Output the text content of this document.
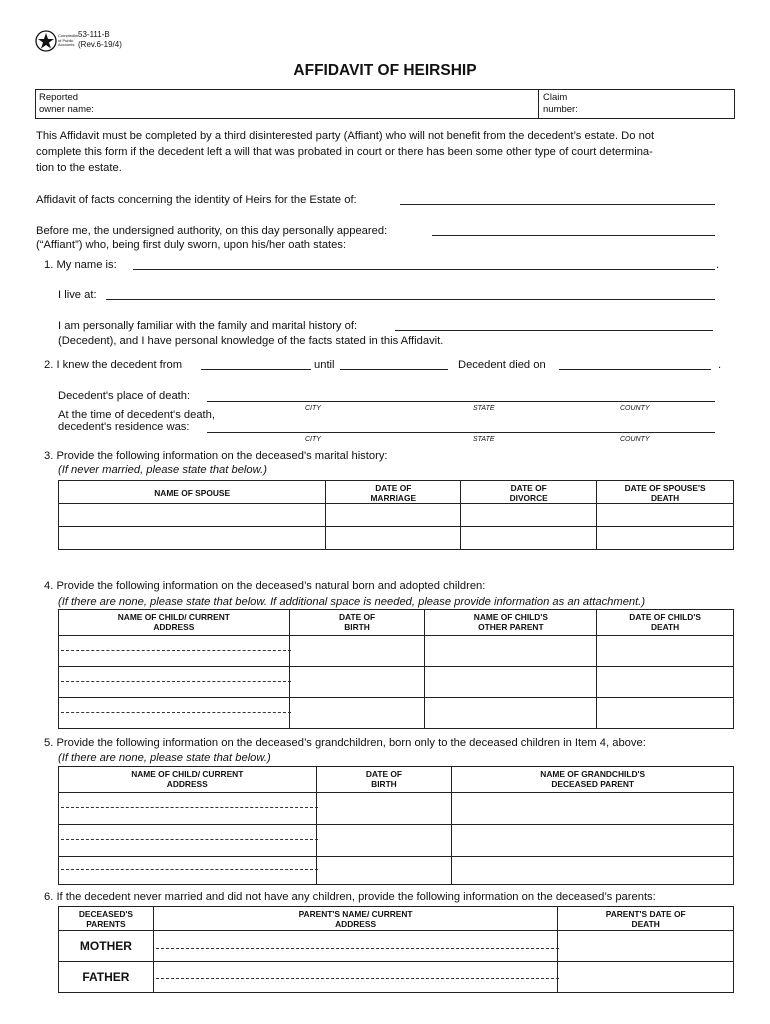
Comptroller of Public Accounts
53-111-B
(Rev.6-19/4)
AFFIDAVIT OF HEIRSHIP
Reported
owner name:
Claim
number:
This Affidavit must be completed by a third disinterested party (Affiant) who will not benefit from the decedent’s estate. Do not
complete this form if the decedent left a will that was probated in court or there has been some other type of court determina-
tion to the estate.
Affidavit of facts concerning the identity of Heirs for the Estate of:
Before me, the undersigned authority, on this day personally appeared:
(“Affiant”) who, being first duly sworn, upon his/her oath states:
1. My name is:	.
I live at:
I am personally familiar with the family and marital history of:
(Decedent), and I have personal knowledge of the facts stated in this Affidavit.
2. I knew the decedent from	until	Decedent died on	.
Decedent's place of death:
CITY	STATE	COUNTY
At the time of decedent's death,
decedent's residence was:
CITY	STATE	COUNTY
3. Provide the following information on the deceased's marital history:
(If never married, please state that below.)
NAME OF SPOUSE	DATE OF MARRIAGE	DATE OF DIVORCE	DATE OF SPOUSE'S DEATH

4. Provide the following information on the deceased’s natural born and adopted children:
(If there are none, please state that below. If additional space is needed, please provide information as an attachment.)
NAME OF CHILD/ CURRENT ADDRESS	DATE OF BIRTH	NAME OF CHILD'S OTHER PARENT	DATE OF CHILD'S DEATH

5. Provide the following information on the deceased’s grandchildren, born only to the deceased children in Item 4, above:
(If there are none, please state that below.)
NAME OF CHILD/ CURRENT ADDRESS	DATE OF BIRTH	NAME OF GRANDCHILD'S DECEASED PARENT

6. If the decedent never married and did not have any children, provide the following information on the deceased’s parents:
DECEASED'S PARENTS	PARENT'S NAME/ CURRENT ADDRESS	PARENT'S DATE OF DEATH
MOTHER	

FATHER	
